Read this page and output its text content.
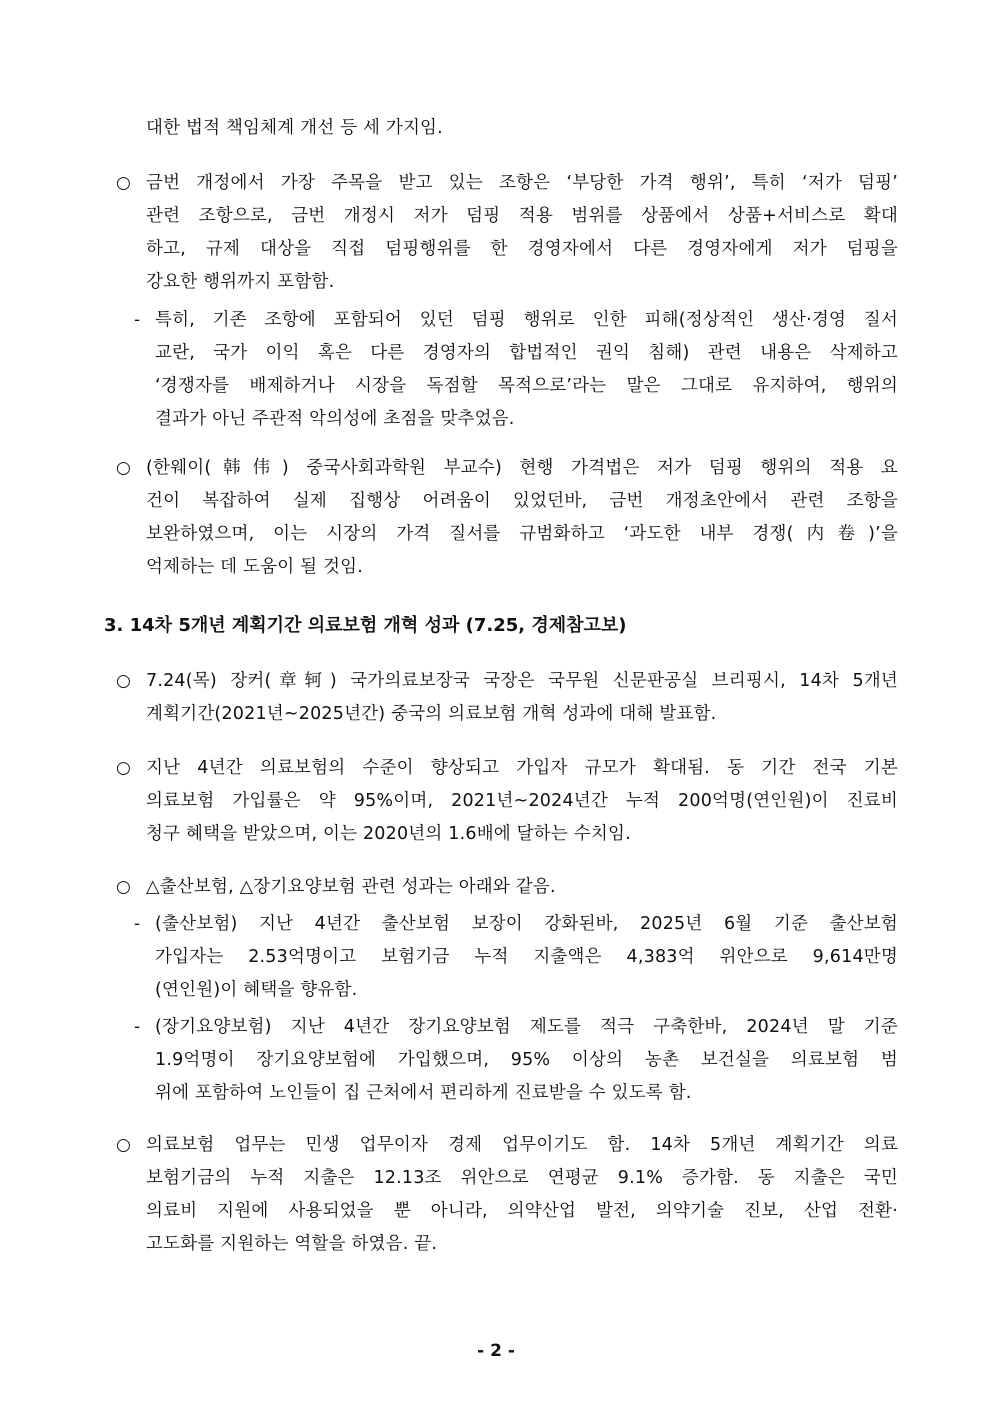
대한 법적 책임체계 개선 등 세 가지임.
○ 금번 개정에서 가장 주목을 받고 있는 조항은 ‘부당한 가격 행위’, 특히 ‘저가 덤핑’
관련 조항으로, 금번 개정시 저가 덤핑 적용 범위를 상품에서 상품+서비스로 확대
하고, 규제 대상을 직접 덤핑행위를 한 경영자에서 다른 경영자에게 저가 덤핑을
강요한 행위까지 포함함.
- 특히, 기존 조항에 포함되어 있던 덤핑 행위로 인한 피해(정상적인 생산·경영 질서
교란, 국가 이익 혹은 다른 경영자의 합법적인 권익 침해) 관련 내용은 삭제하고
‘경쟁자를 배제하거나 시장을 독점할 목적으로’라는 말은 그대로 유지하여, 행위의
결과가 아닌 주관적 악의성에 초점을 맞추었음.
○ (한웨이(韩伟) 중국사회과학원 부교수) 현행 가격법은 저가 덤핑 행위의 적용 요
건이 복잡하여 실제 집행상 어려움이 있었던바, 금번 개정초안에서 관련 조항을
보완하였으며, 이는 시장의 가격 질서를 규범화하고 ‘과도한 내부 경쟁(内卷)’을
억제하는 데 도움이 될 것임.
3. 14차 5개년 계획기간 의료보험 개혁 성과 (7.25, 경제참고보)
○ 7.24(목) 장커(章轲) 국가의료보장국 국장은 국무원 신문판공실 브리핑시, 14차 5개년
계획기간(2021년~2025년간) 중국의 의료보험 개혁 성과에 대해 발표함.
○ 지난 4년간 의료보험의 수준이 향상되고 가입자 규모가 확대됨. 동 기간 전국 기본
의료보험 가입률은 약 95%이며, 2021년~2024년간 누적 200억명(연인원)이 진료비
청구 혜택을 받았으며, 이는 2020년의 1.6배에 달하는 수치임.
○ △출산보험, △장기요양보험 관련 성과는 아래와 같음.
- (출산보험) 지난 4년간 출산보험 보장이 강화된바, 2025년 6월 기준 출산보험
가입자는 2.53억명이고 보험기금 누적 지출액은 4,383억 위안으로 9,614만명
(연인원)이 혜택을 향유함.
- (장기요양보험) 지난 4년간 장기요양보험 제도를 적극 구축한바, 2024년 말 기준
1.9억명이 장기요양보험에 가입했으며, 95% 이상의 농촌 보건실을 의료보험 범
위에 포함하여 노인들이 집 근처에서 편리하게 진료받을 수 있도록 함.
○ 의료보험 업무는 민생 업무이자 경제 업무이기도 함. 14차 5개년 계획기간 의료
보험기금의 누적 지출은 12.13조 위안으로 연평균 9.1% 증가함. 동 지출은 국민
의료비 지원에 사용되었을 뿐 아니라, 의약산업 발전, 의약기술 진보, 산업 전환·
고도화를 지원하는 역할을 하였음. 끝.
- 2 -
